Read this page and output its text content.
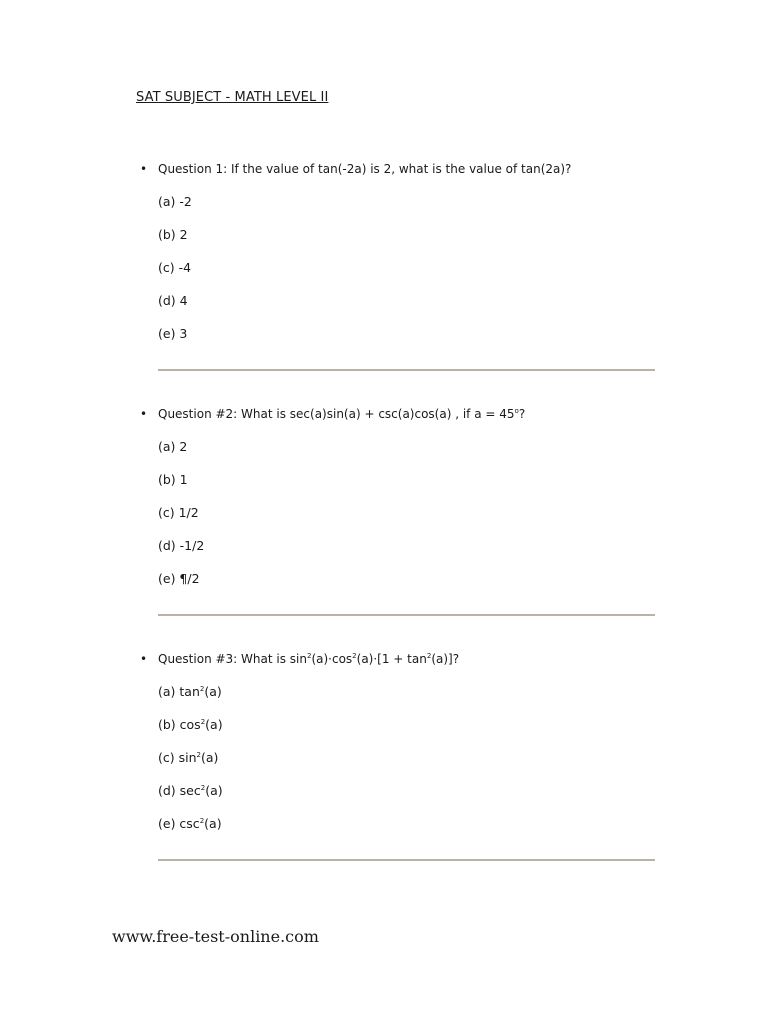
SAT SUBJECT - MATH LEVEL II
• Question 1: If the value of tan(-2a) is 2, what is the value of tan(2a)?
(a) -2
(b) 2
(c) -4
(d) 4
(e) 3
• Question #2: What is sec(a)sin(a) + csc(a)cos(a) , if $a = 45^o$?
(a) 2
(b) 1
(c) 1/2
(d) -1/2
(e) ¶/2
• Question #3: What is $\sin^2(a)\cdot\cos^2(a)\cdot[1 + \tan^2(a)]$?
(a) $\tan^2(a)$
(b) $\cos^2(a)$
(c) $\sin^2(a)$
(d) $\sec^2(a)$
(e) $\csc^2(a)$
www.free-test-online.com
